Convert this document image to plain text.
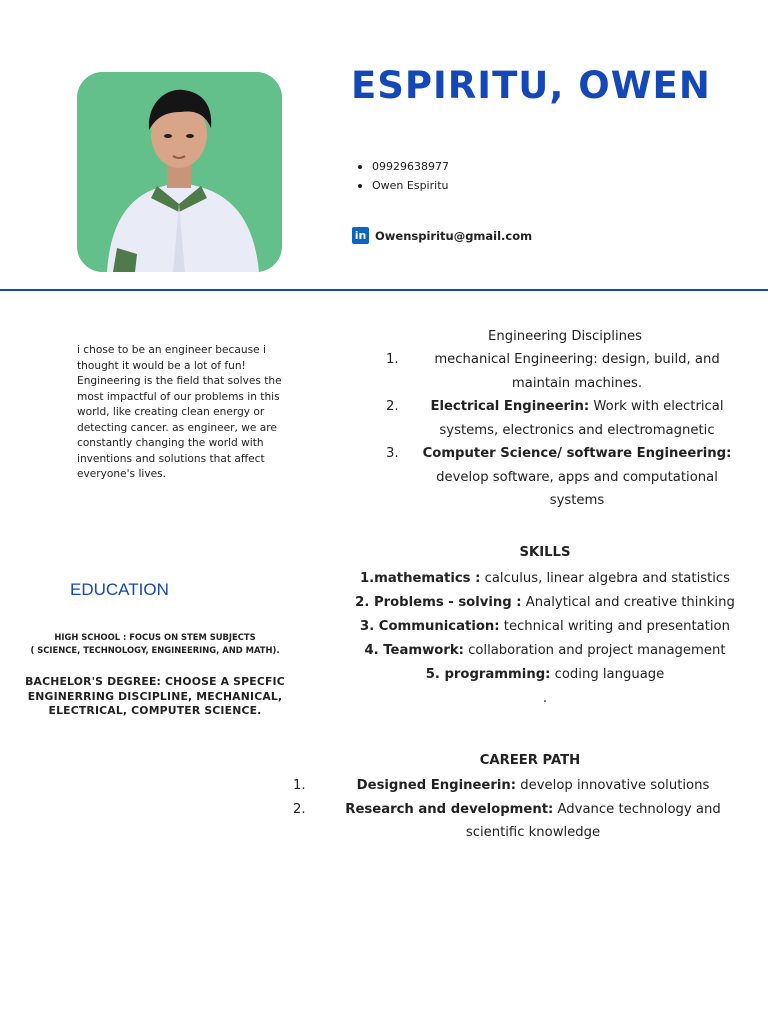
ESPIRITU, OWEN
09929638977
Owen Espiritu
in Owenspiritu@gmail.com
i chose to be an engineer because i thought it would be a lot of fun! Engineering is the field that solves the most impactful of our problems in this world, like creating clean energy or detecting cancer. as engineer, we are constantly changing the world with inventions and solutions that affect everyone's lives.
Engineering Disciplines
1.	mechanical Engineering: design, build, and maintain machines.
2.	Electrical Engineerin: Work with electrical systems, electronics and electromagnetic
3.	Computer Science/ software Engineering: develop software, apps and computational systems
SKILLS
1.mathematics : calculus, linear algebra and statistics
2. Problems - solving : Analytical and creative thinking
3. Communication: technical writing and presentation
4. Teamwork: collaboration and project management
5. programming: coding language
.
EDUCATION
HIGH SCHOOL : FOCUS ON STEM SUBJECTS
( SCIENCE, TECHNOLOGY, ENGINEERING, AND MATH).
BACHELOR'S DEGREE: CHOOSE A SPECFIC ENGINERRING DISCIPLINE, MECHANICAL, ELECTRICAL, COMPUTER SCIENCE.
CAREER PATH
1.	Designed Engineerin: develop innovative solutions
2.	Research and development: Advance technology and scientific knowledge
